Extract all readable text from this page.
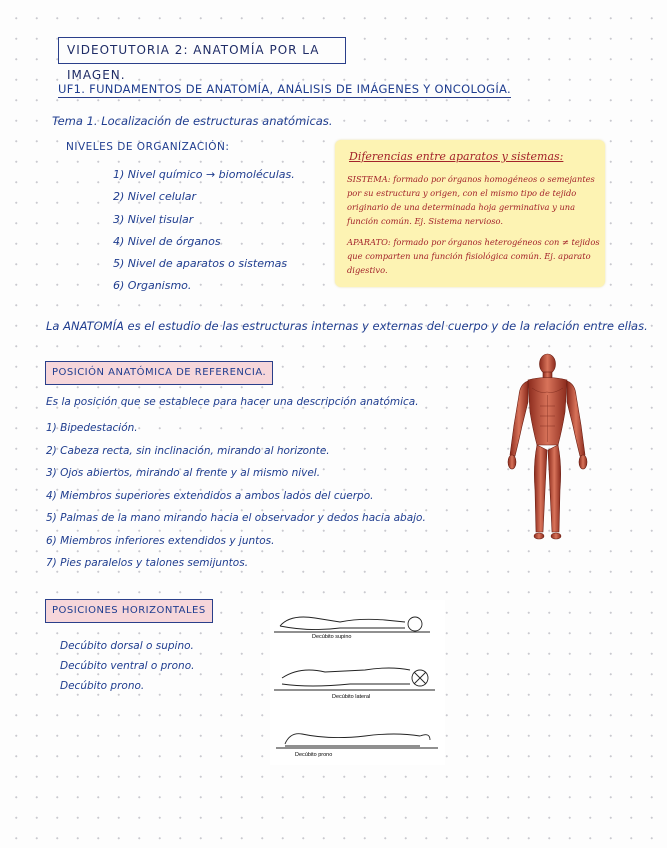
VIDEOTUTORIA 2: ANATOMÍA POR LA IMAGEN.
UF1. FUNDAMENTOS DE ANATOMÍA, ANÁLISIS DE IMÁGENES Y ONCOLOGÍA.
Tema 1. Localización de estructuras anatómicas.
NIVELES DE ORGANIZACIÓN:
1) Nivel químico → biomoléculas.
2) Nivel celular
3) Nivel tisular
4) Nivel de órganos
5) Nivel de aparatos o sistemas
6) Organismo.
Diferencias entre aparatos y sistemas:

SISTEMA: formado por órganos homogéneos o semejantes por su estructura y origen, con el mismo tipo de tejido originario de una determinada hoja germinativa y una función común. Ej. Sistema nervioso.

APARATO: formado por órganos heterogéneos con ≠ tejidos que comparten una función fisiológica común. Ej. aparato digestivo.

La ANATOMÍA es el estudio de las estructuras internas y externas del cuerpo y de la relación entre ellas.
POSICIÓN ANATÓMICA DE REFERENCIA.
Es la posición que se establece para hacer una descripción anatómica.
1) Bipedestación.
2) Cabeza recta, sin inclinación, mirando al horizonte.
3) Ojos abiertos, mirando al frente y al mismo nivel.
4) Miembros superiores extendidos a ambos lados del cuerpo.
5) Palmas de la mano mirando hacia el observador y dedos hacia abajo.
6) Miembros inferiores extendidos y juntos.
7) Pies paralelos y talones semijuntos.
POSICIONES HORIZONTALES
Decúbito dorsal o supino.
Decúbito ventral o prono.
Decúbito prono.
Decúbito supino
Decúbito lateral
Decúbito prono
